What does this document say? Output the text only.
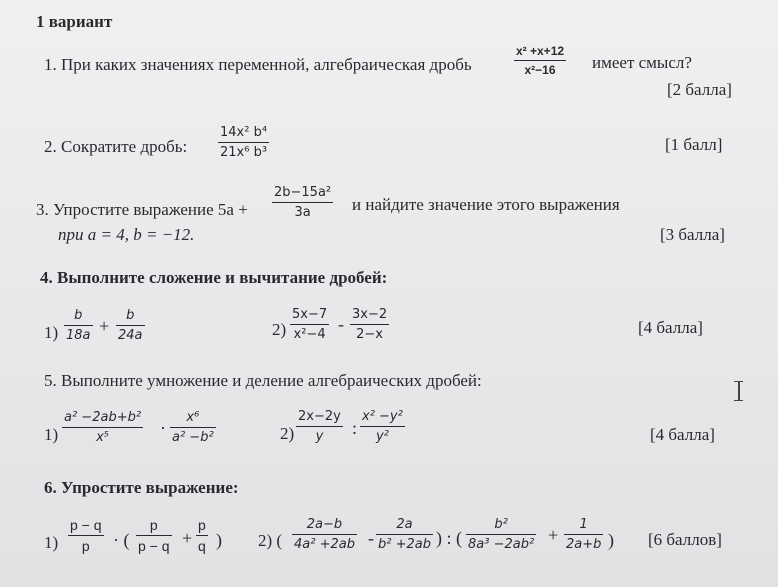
1 вариант
1. При каких значениях переменной, алгебраическая дробь
x² +x+12
x²−16 имеет смысл?
[2 балла]
2. Сократите дробь:
14x² b⁴
21x⁶ b³	[1 балл]
3. Упростите выражение 5a +
2b−15a²
3a и найдите значение этого выражения
при a = 4, b = −12.	[3 балла]
4. Выполните сложение и вычитание дробей:
1)
b
18a +
b
24a	2)
5x−7
x²−4
- 3x−2
2−x	[4 балла]
5. Выполните умножение и деление алгебраических дробей:
1)
a² −2ab+b²
x⁵	·
x⁶
a² −b²	2)
2x−2y
y :
x² −y²
y²	[4 балла]
6. Упростите выражение:
1)
p − q
p · (
p
p − q +
p
q ) 2) (
2a−b
4a² +2ab -
2a
b² +2ab ) : (
b²
8a³ −2ab² +
1
2a+b ) [6 баллов]
